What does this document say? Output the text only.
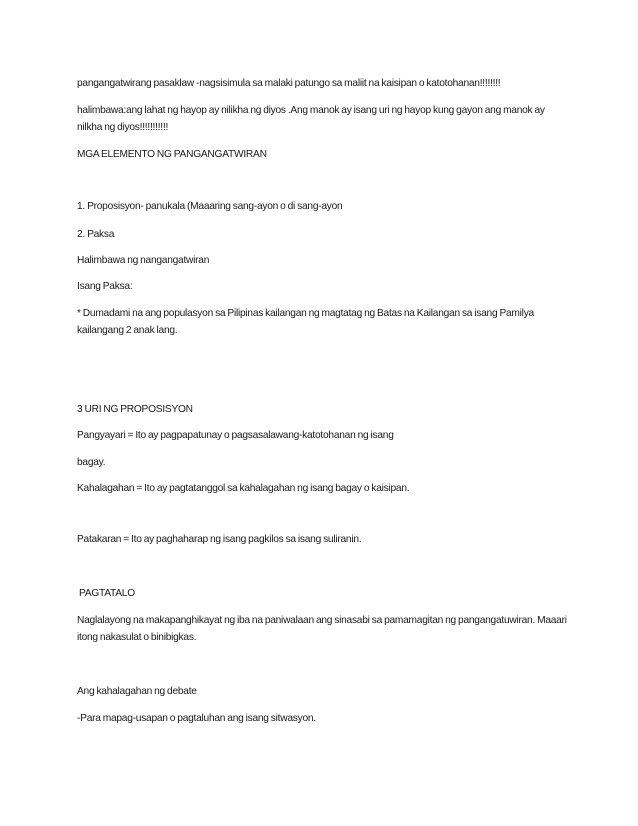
pangangatwirang pasaklaw -nagsisimula sa malaki patungo sa maliit na kaisipan o katotohanan!!!!!!!!
halimbawa:ang lahat ng hayop ay nilikha ng diyos .Ang manok ay isang uri ng hayop kung gayon ang manok ay nilkha ng diyos!!!!!!!!!!!
MGA ELEMENTO NG PANGANGATWIRAN
1. Proposisyon- panukala (Maaaring sang-ayon o di sang-ayon
2. Paksa
Halimbawa ng nangangatwiran
Isang Paksa:
* Dumadami na ang populasyon sa Pilipinas kailangan ng magtatag ng Batas na Kailangan sa isang Pamilya kailangang 2 anak lang.
3 URI NG PROPOSISYON
Pangyayari = Ito ay pagpapatunay o pagsasalawang-katotohanan ng isang
bagay.
Kahalagahan = Ito ay pagtatanggol sa kahalagahan ng isang bagay o kaisipan.
Patakaran = Ito ay paghaharap ng isang pagkilos sa isang suliranin.
PAGTATALO
Naglalayong na makapanghikayat ng iba na paniwalaan ang sinasabi sa pamamagitan ng pangangatuwiran. Maaari itong nakasulat o binibigkas.
Ang kahalagahan ng debate
-Para mapag-usapan o pagtaluhan ang isang sitwasyon.
